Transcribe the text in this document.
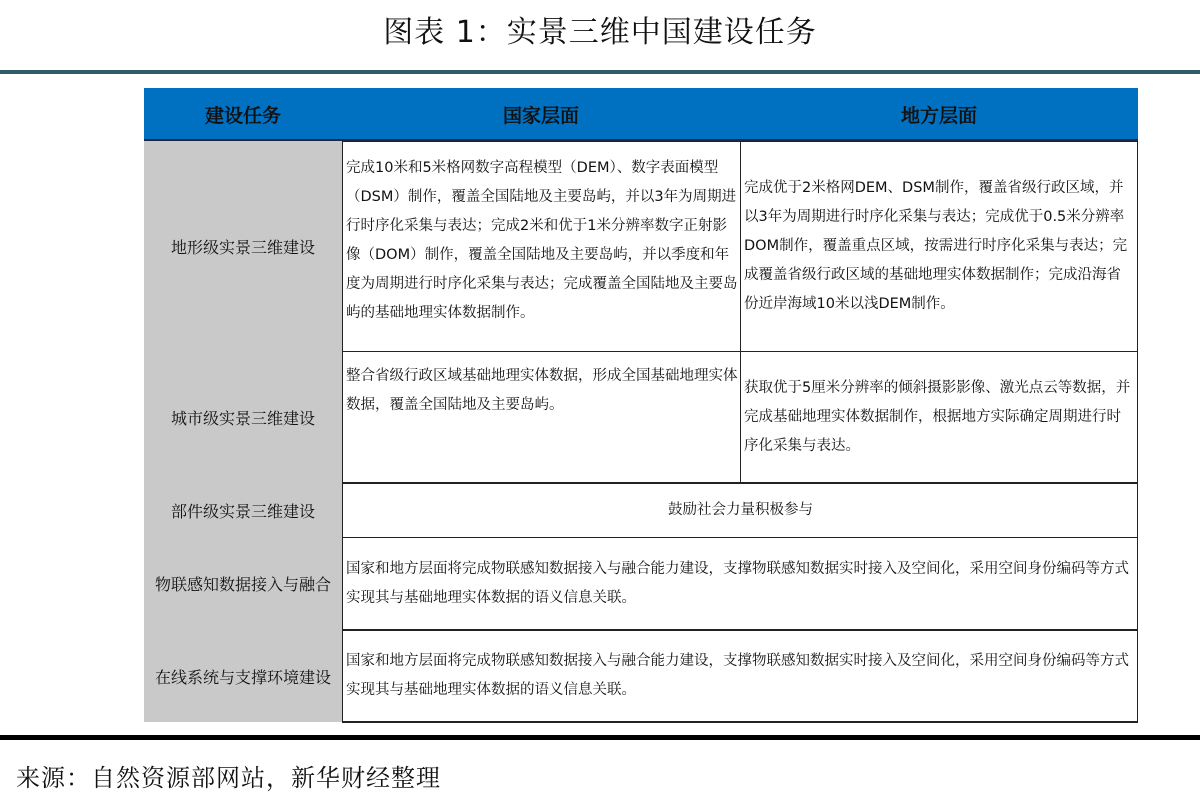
图表 1：实景三维中国建设任务
建设任务	国家层面	地方层面
地形级实景三维建设
城市级实景三维建设
部件级实景三维建设
物联感知数据接入与融合
在线系统与支撑环境建设
完成10米和5米格网数字高程模型（DEM）、数字表面模型（DSM）制作，覆盖全国陆地及主要岛屿，并以3年为周期进行时序化采集与表达；完成2米和优于1米分辨率数字正射影像（DOM）制作，覆盖全国陆地及主要岛屿，并以季度和年度为周期进行时序化采集与表达；完成覆盖全国陆地及主要岛屿的基础地理实体数据制作。
完成优于2米格网DEM、DSM制作，覆盖省级行政区域，并以3年为周期进行时序化采集与表达；完成优于0.5米分辨率DOM制作，覆盖重点区域，按需进行时序化采集与表达；完成覆盖省级行政区域的基础地理实体数据制作；完成沿海省份近岸海域10米以浅DEM制作。
整合省级行政区域基础地理实体数据，形成全国基础地理实体数据，覆盖全国陆地及主要岛屿。
获取优于5厘米分辨率的倾斜摄影影像、激光点云等数据，并完成基础地理实体数据制作，根据地方实际确定周期进行时序化采集与表达。
鼓励社会力量积极参与
国家和地方层面将完成物联感知数据接入与融合能力建设，支撑物联感知数据实时接入及空间化，采用空间身份编码等方式实现其与基础地理实体数据的语义信息关联。
国家和地方层面将完成物联感知数据接入与融合能力建设，支撑物联感知数据实时接入及空间化，采用空间身份编码等方式实现其与基础地理实体数据的语义信息关联。
来源：自然资源部网站，新华财经整理
